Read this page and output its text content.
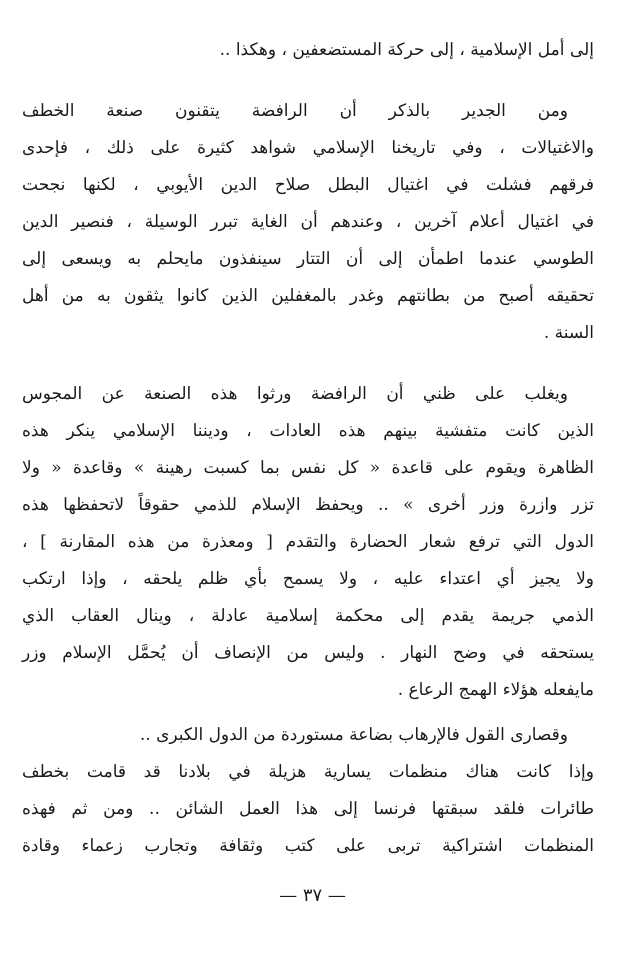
إلى أمل الإسلامية ، إلى حركة المستضعفين ، وهكذا ..
ومن الجدير بالذكر أن الرافضة يتقنون صنعة الخطف
والاغتيالات ، وفي تاريخنا الإسلامي شواهد كثيرة على ذلك ، فإحدى
فرقهم فشلت في اغتيال البطل صلاح الدين الأيوبي ، لكنها نجحت
في اغتيال أعلام آخرين ، وعندهم أن الغاية تبرر الوسيلة ، فنصير الدين
الطوسي عندما اطمأن إلى أن التتار سينفذون مايحلم به ويسعى إلى
تحقيقه أصبح من بطانتهم وغدر بالمغفلين الذين كانوا يثقون به من أهل
السنة .
ويغلب على ظني أن الرافضة ورثوا هذه الصنعة عن المجوس
الذين كانت متفشية بينهم هذه العادات ، وديننا الإسلامي ينكر هذه
الظاهرة ويقوم على قاعدة « كل نفس بما كسبت رهينة » وقاعدة « ولا
تزر وازرة وزر أخرى » .. ويحفظ الإسلام للذمي حقوقاً لاتحفظها هذه
الدول التي ترفع شعار الحضارة والتقدم [ ومعذرة من هذه المقارنة ] ،
ولا يجيز أي اعتداء عليه ، ولا يسمح بأي ظلم يلحقه ، وإذا ارتكب
الذمي جريمة يقدم إلى محكمة إسلامية عادلة ، وينال العقاب الذي
يستحقه في وضح النهار . وليس من الإنصاف أن يُحمَّل الإسلام وزر
مايفعله هؤلاء الهمج الرعاع .
وقصارى القول فالإرهاب بضاعة مستوردة من الدول الكبرى ..
وإذا كانت هناك منظمات يسارية هزيلة في بلادنا قد قامت بخطف
طائرات فلقد سبقتها فرنسا إلى هذا العمل الشائن .. ومن ثم فهذه
المنظمات اشتراكية تربى على كتب وثقافة وتجارب زعماء وقادة
— ٣٧ —
